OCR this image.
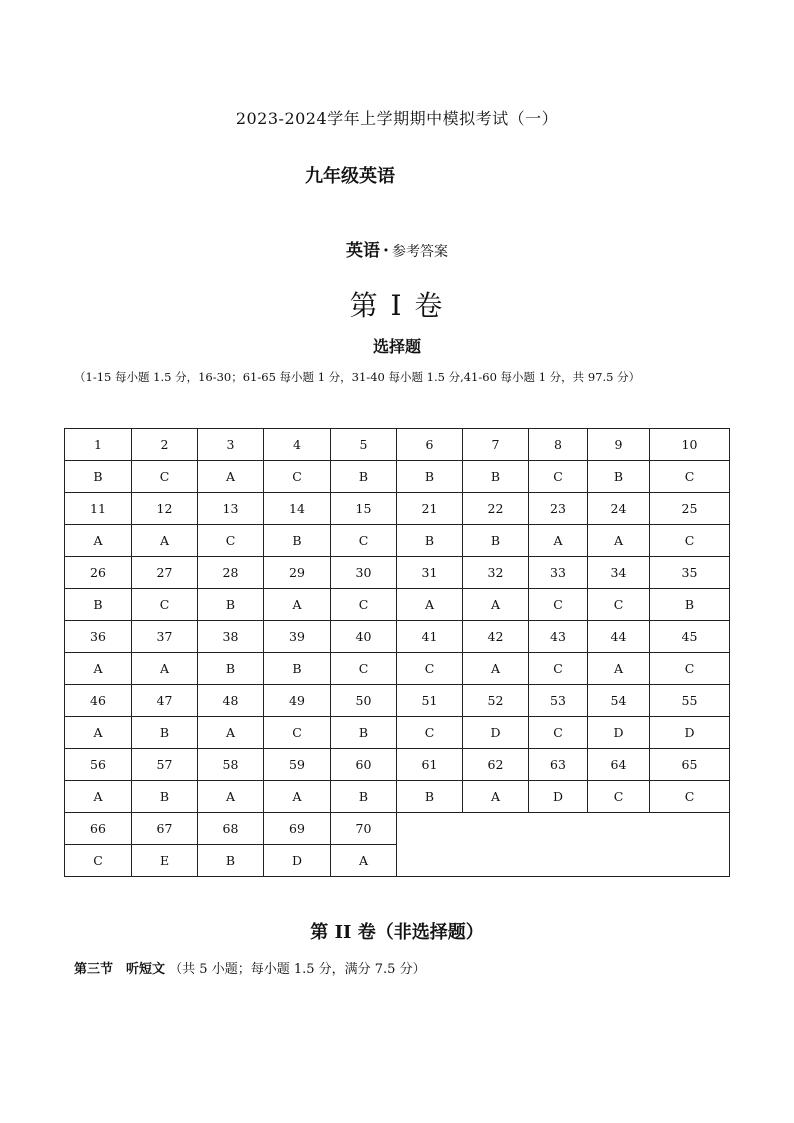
2023-2024学年上学期期中模拟考试（一）
九年级英语
英语 · 参考答案
第 I 卷
选择题
（1-15 每小题 1.5 分，16-30；61-65 每小题 1 分，31-40 每小题 1.5 分,41-60 每小题 1 分，共 97.5 分）
1	2	3	4	5	6	7	8	9	10
B	C	A	C	B	B	B	C	B	C
11	12	13	14	15	21	22	23	24	25
A	A	C	B	C	B	B	A	A	C
26	27	28	29	30	31	32	33	34	35
B	C	B	A	C	A	A	C	C	B
36	37	38	39	40	41	42	43	44	45
A	A	B	B	C	C	A	C	A	C
46	47	48	49	50	51	52	53	54	55
A	B	A	C	B	C	D	C	D	D
56	57	58	59	60	61	62	63	64	65
A	B	A	A	B	B	A	D	C	C
66	67	68	69	70					
C	E	B	D	A					
第 II 卷（非选择题）
第三节　听短文 （共 5 小题；每小题 1.5 分，满分 7.5 分）
